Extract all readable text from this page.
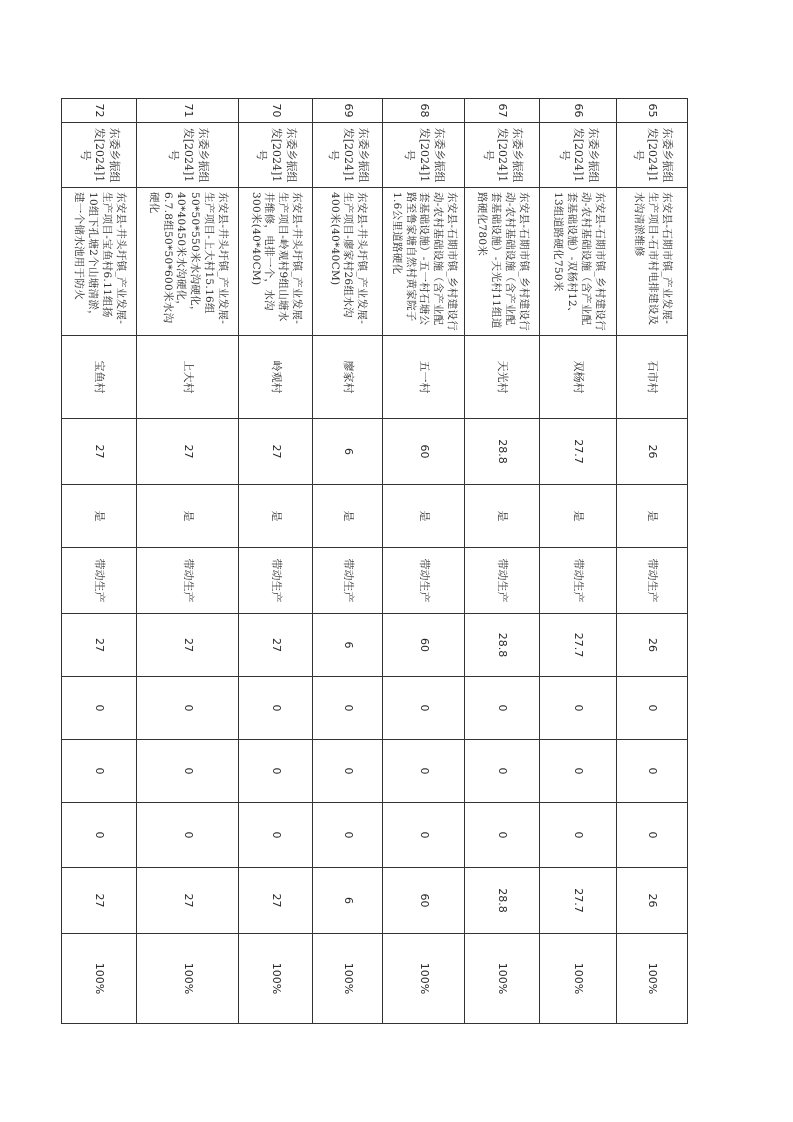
65	东委乡振组发[2024]1号	东安县-石期市镇_产业发展-生产项目-石市村电排建设及水沟清淤维修	石市村	26	是	带动生产	26	0	0	0	26	100%
66	东委乡振组发[2024]1号	东安县-石期市镇_乡村建设行动-农村基础设施（含产业配套基础设施）-双杨村12、13组道路硬化750米	双杨村	27.7	是	带动生产	27.7	0	0	0	27.7	100%
67	东委乡振组发[2024]1号	东安县-石期市镇_乡村建设行动-农村基础设施（含产业配套基础设施）-天光村11组道路硬化780米	天光村	28.8	是	带动生产	28.8	0	0	0	28.8	100%
68	东委乡振组发[2024]1号	东安县-石期市镇_乡村建设行动-农村基础设施（含产业配套基础设施）-五一村石塘公路至鲁家塘自然村黄家院子1.6公里道路硬化	五一村	60	是	带动生产	60	0	0	0	60	100%
69	东委乡振组发[2024]1号	东安县-井头圩镇_产业发展-生产项目-廖家村26组水沟400米(40*40CM)	廖家村	6	是	带动生产	6	0	0	0	6	100%
70	东委乡振组发[2024]1号	东安县-井头圩镇_产业发展-生产项目-岭观村9组山塘水井维修，电排一个，水沟300米(40*40CM)	岭观村	27	是	带动生产	27	0	0	0	27	100%
71	东委乡振组发[2024]1号	东安县-井头圩镇_产业发展-生产项目-上大村15.16组50*50*550米水沟硬化，40*40450米水沟硬化，6.7.8组50*50*600米水沟硬化	上大村	27	是	带动生产	27	0	0	0	27	100%
72	东委乡振组发[2024]1号	东安县-井头圩镇_产业发展-生产项目-宝鱼村6.11组扬10组下孔塘2个山塘清淤，建一个储水池用于防火	宝鱼村	27	是	带动生产	27	0	0	0	27	100%
